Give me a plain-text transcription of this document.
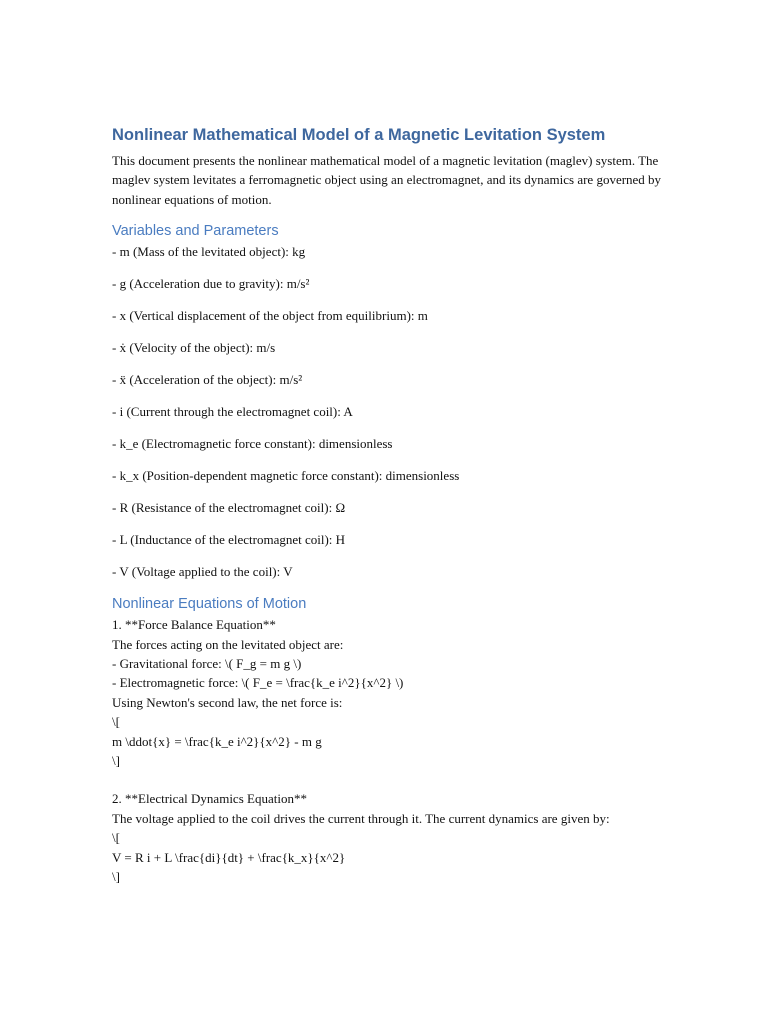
Nonlinear Mathematical Model of a Magnetic Levitation System

This document presents the nonlinear mathematical model of a magnetic levitation (maglev) system. The maglev system levitates a ferromagnetic object using an electromagnet, and its dynamics are governed by nonlinear equations of motion.

Variables and Parameters

- m (Mass of the levitated object): kg

- g (Acceleration due to gravity): m/s²

- x (Vertical displacement of the object from equilibrium): m

- ẋ (Velocity of the object): m/s

- ẍ (Acceleration of the object): m/s²

- i (Current through the electromagnet coil): A

- k_e (Electromagnetic force constant): dimensionless

- k_x (Position-dependent magnetic force constant): dimensionless

- R (Resistance of the electromagnet coil): Ω

- L (Inductance of the electromagnet coil): H

- V (Voltage applied to the coil): V

Nonlinear Equations of Motion

1. **Force Balance Equation**

The forces acting on the levitated object are:

- Gravitational force: \( F_g = m g \)

- Electromagnetic force: \( F_e = \frac{k_e i^2}{x^2} \)

Using Newton's second law, the net force is:

\[

m \ddot{x} = \frac{k_e i^2}{x^2} - m g

\]

2. **Electrical Dynamics Equation**

The voltage applied to the coil drives the current through it. The current dynamics are given by:

\[

V = R i + L \frac{di}{dt} + \frac{k_x}{x^2}

\]
